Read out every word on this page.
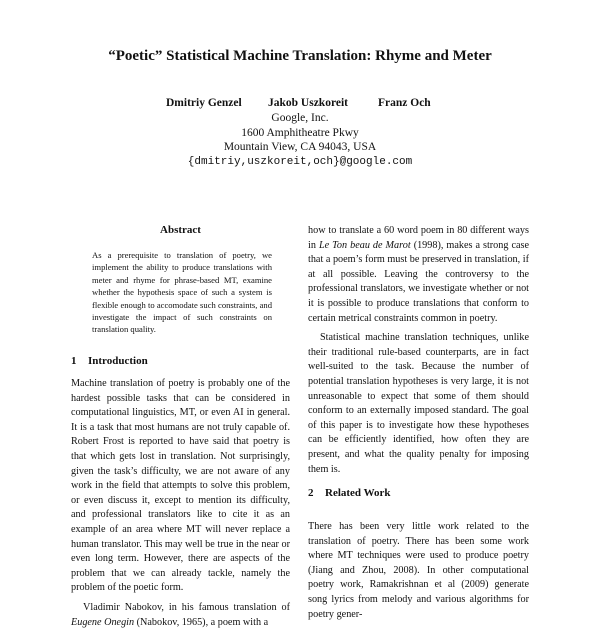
“Poetic” Statistical Machine Translation: Rhyme and Meter
Dmitriy Genzel Jakob Uszkoreit	Franz Och
Google, Inc.
1600 Amphitheatre Pkwy
Mountain View, CA 94043, USA
{dmitriy,uszkoreit,och}@google.com
Abstract
As a prerequisite to translation of poetry, we implement the ability to produce translations with meter and rhyme for phrase-based MT, examine whether the hypothesis space of such a system is flexible enough to accomodate such constraints, and investigate the impact of such constraints on translation quality.
1 Introduction

Machine translation of poetry is probably one of the hardest possible tasks that can be considered in computational linguistics, MT, or even AI in general. It is a task that most humans are not truly capable of. Robert Frost is reported to have said that poetry is that which gets lost in translation. Not surprisingly, given the task’s difficulty, we are not aware of any work in the field that attempts to solve this problem, or even discuss it, except to mention its difficulty, and professional translators like to cite it as an example of an area where MT will never replace a human translator. This may well be true in the near or even long term. However, there are aspects of the problem that we can already tackle, namely the problem of the poetic form.

Vladimir Nabokov, in his famous translation of Eugene Onegin (Nabokov, 1965), a poem with a

how to translate a 60 word poem in 80 different ways in Le Ton beau de Marot (1998), makes a strong case that a poem’s form must be preserved in translation, if at all possible. Leaving the controversy to the professional translators, we investigate whether or not it is possible to produce translations that conform to certain metrical constraints common in poetry.

Statistical machine translation techniques, unlike their traditional rule-based counterparts, are in fact well-suited to the task. Because the number of potential translation hypotheses is very large, it is not unreasonable to expect that some of them should conform to an externally imposed standard. The goal of this paper is to investigate how these hypotheses can be efficiently identified, how often they are present, and what the quality penalty for imposing them is.

2 Related Work

There has been very little work related to the translation of poetry. There has been some work where MT techniques were used to produce poetry (Jiang and Zhou, 2008). In other computational poetry work, Ramakrishnan et al (2009) generate song lyrics from melody and various algorithms for poetry gener-
